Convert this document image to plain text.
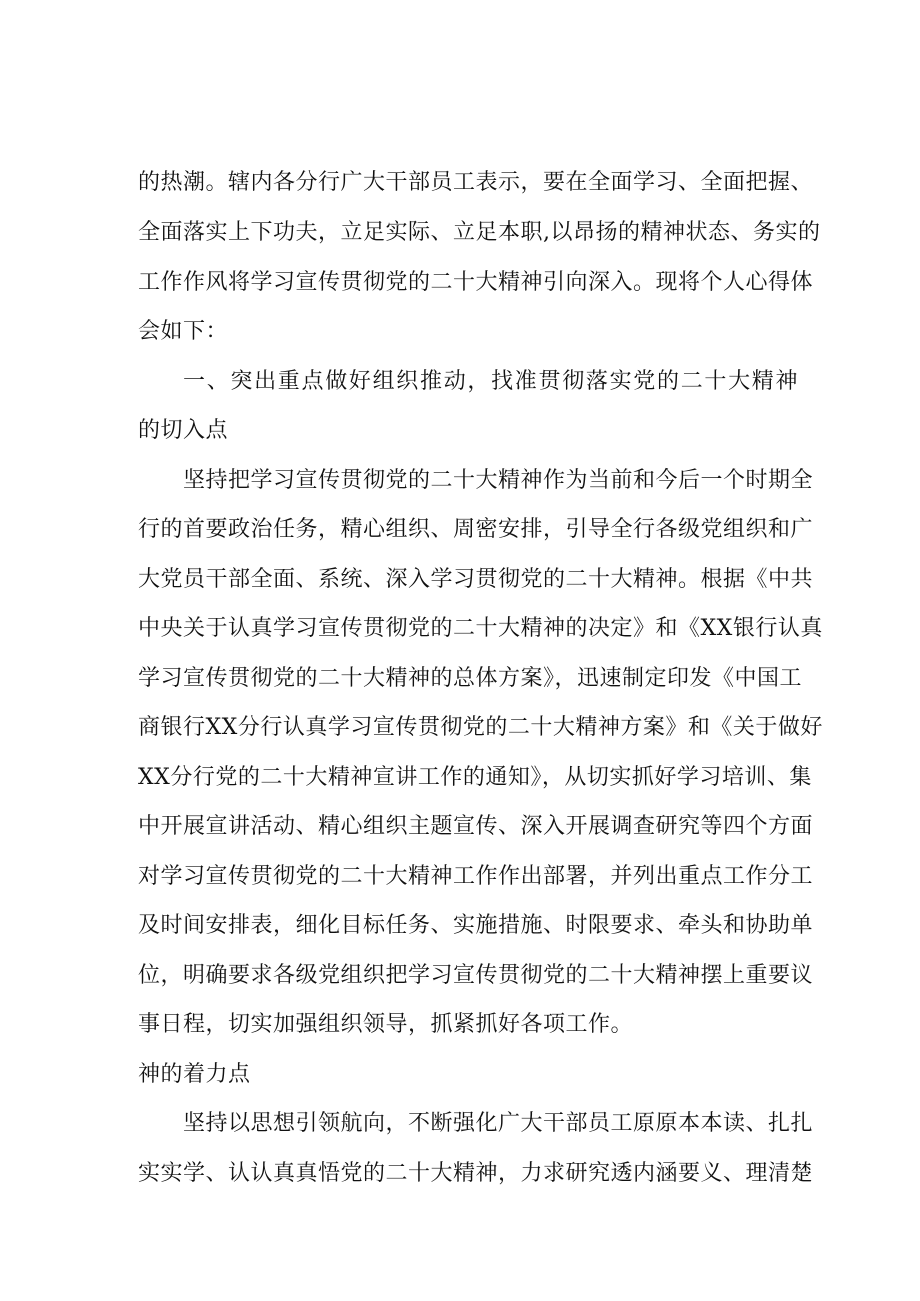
的热潮。辖内各分行广大干部员工表示，要在全面学习、全面把握、
全面落实上下功夫，立足实际、立足本职,以昂扬的精神状态、务实的
工作作风将学习宣传贯彻党的二十大精神引向深入。现将个人心得体
会如下：
一、突出重点做好组织推动，找准贯彻落实党的二十大精神
的切入点
坚持把学习宣传贯彻党的二十大精神作为当前和今后一个时期全
行的首要政治任务，精心组织、周密安排，引导全行各级党组织和广
大党员干部全面、系统、深入学习贯彻党的二十大精神。根据《中共
中央关于认真学习宣传贯彻党的二十大精神的决定》和《XX银行认真
学习宣传贯彻党的二十大精神的总体方案》，迅速制定印发《中国工
商银行XX分行认真学习宣传贯彻党的二十大精神方案》和《关于做好
XX分行党的二十大精神宣讲工作的通知》，从切实抓好学习培训、集
中开展宣讲活动、精心组织主题宣传、深入开展调查研究等四个方面
对学习宣传贯彻党的二十大精神工作作出部署，并列出重点工作分工
及时间安排表，细化目标任务、实施措施、时限要求、牵头和协助单
位，明确要求各级党组织把学习宣传贯彻党的二十大精神摆上重要议
事日程，切实加强组织领导，抓紧抓好各项工作。
神的着力点
坚持以思想引领航向，不断强化广大干部员工原原本本读、扎扎
实实学、认认真真悟党的二十大精神，力求研究透内涵要义、理清楚
